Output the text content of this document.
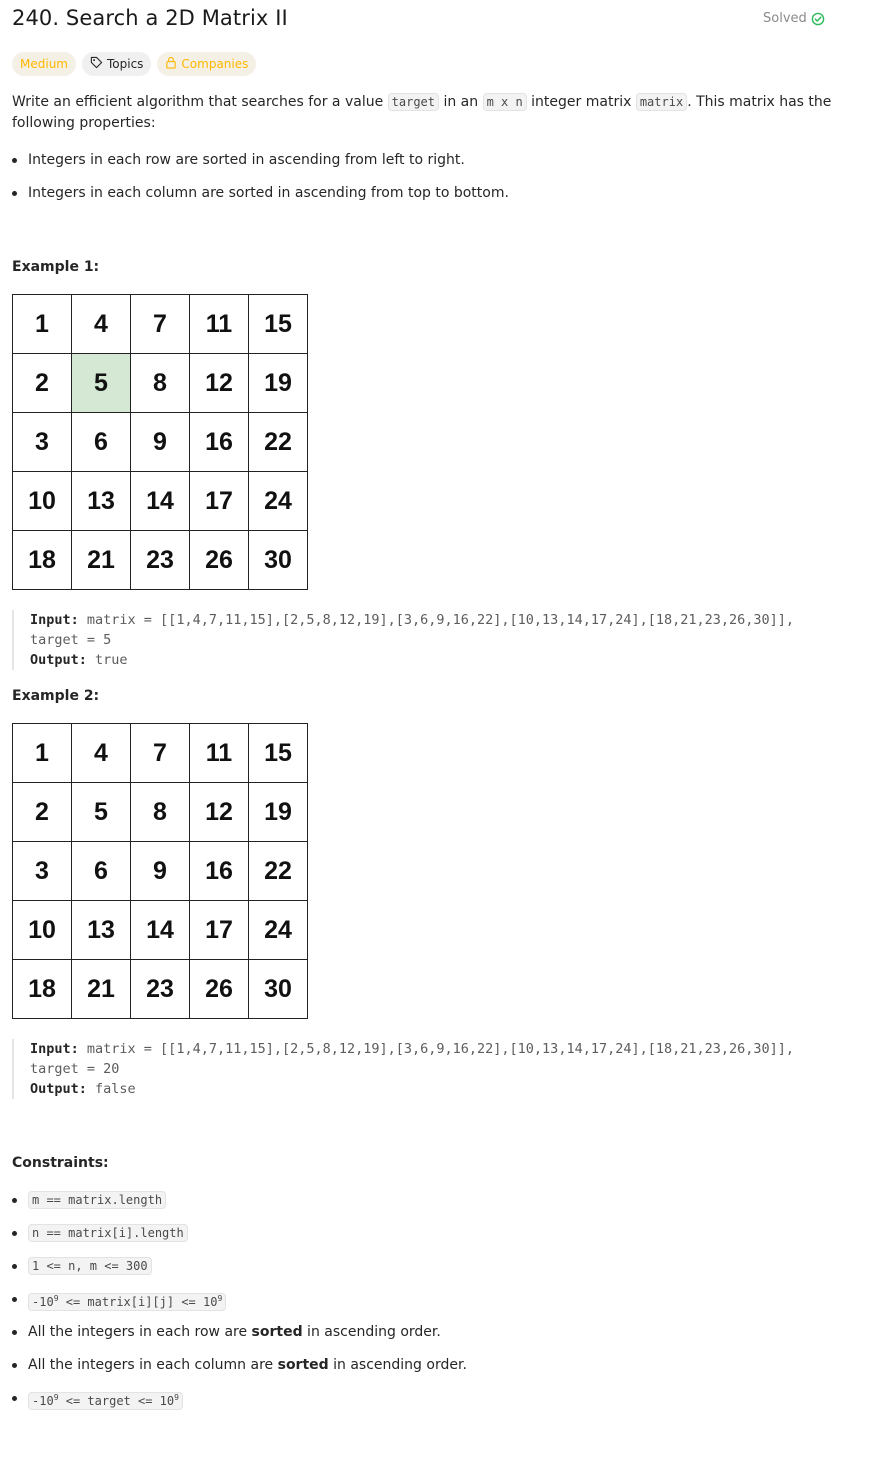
240. Search a 2D Matrix II	Solved
Medium	Topics	Companies

Write an efficient algorithm that searches for a value target in an m x n integer matrix matrix . This matrix has the following properties:

Integers in each row are sorted in ascending from left to right.
Integers in each column are sorted in ascending from top to bottom.

Example 1:

1	4	7	11	15
2	5	8	12	19
3	6	9	16	22
10	13	14	17	24
18	21	23	26	30
Input: matrix = [[1,4,7,11,15],[2,5,8,12,19],[3,6,9,16,22],[10,13,14,17,24],[18,21,23,26,30]],
target = 5
Output: true

Example 2:

1	4	7	11	15
2	5	8	12	19
3	6	9	16	22
10	13	14	17	24
18	21	23	26	30
Input: matrix = [[1,4,7,11,15],[2,5,8,12,19],[3,6,9,16,22],[10,13,14,17,24],[18,21,23,26,30]],
target = 20
Output: false

Constraints:

m == matrix.length
n == matrix[i].length
1 <= n, m <= 300
$-10^9$ <= matrix[i][j] <= $10^9$
All the integers in each row are sorted in ascending order.
All the integers in each column are sorted in ascending order.
$-10^9$ <= target <= $10^9$
